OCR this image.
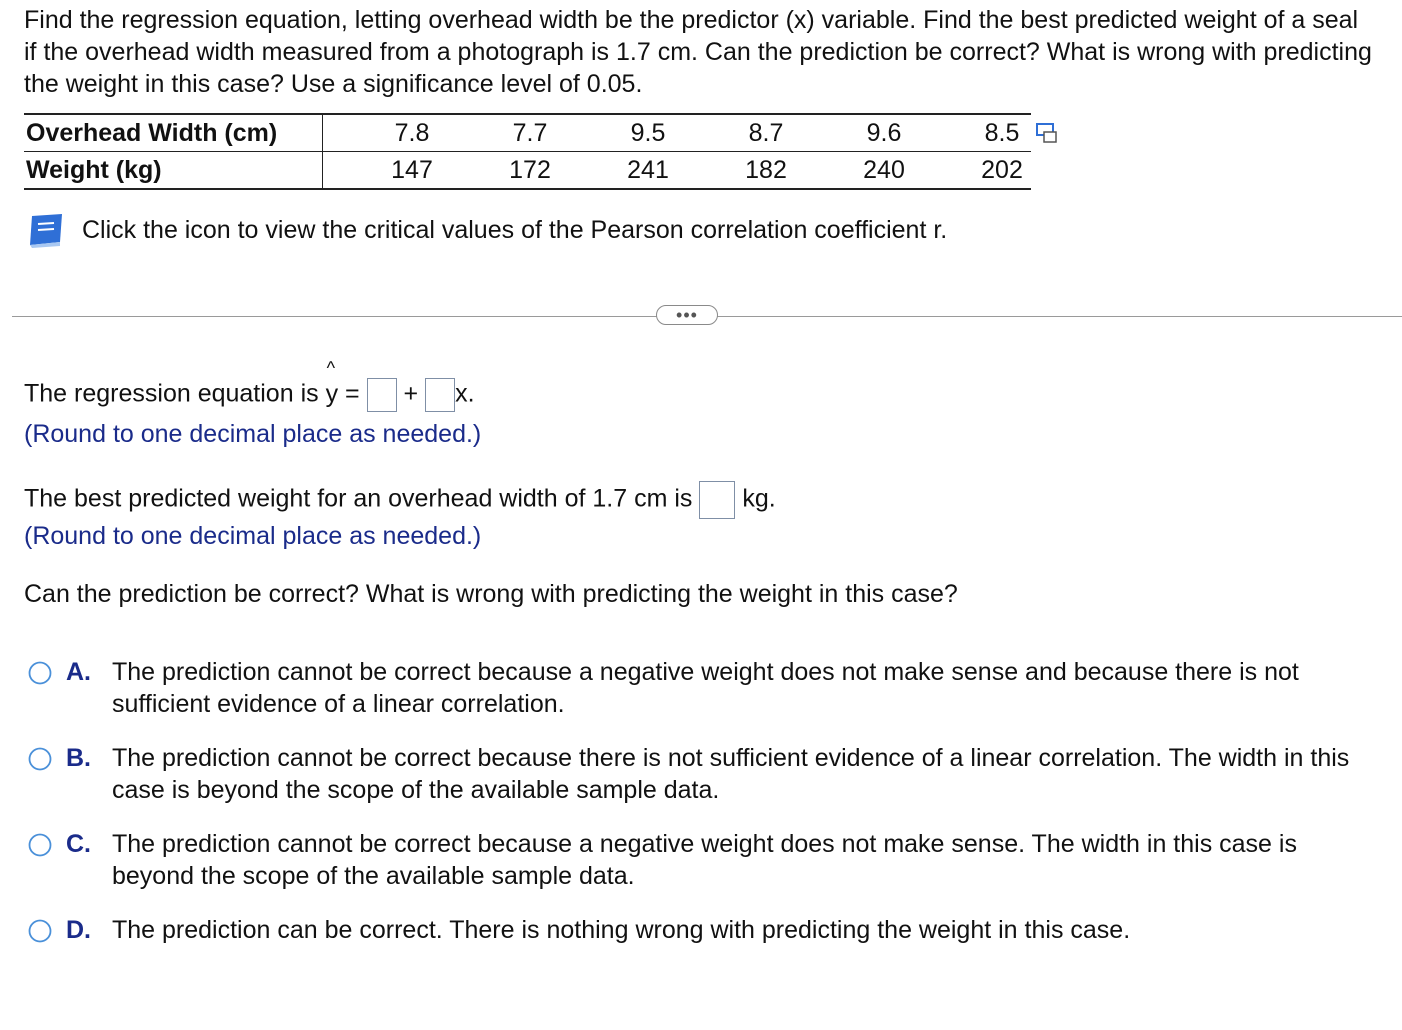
Find the regression equation, letting overhead width be the predictor (x) variable. Find the best predicted weight of a seal if the overhead width measured from a photograph is 1.7 cm. Can the prediction be correct? What is wrong with predicting the weight in this case? Use a significance level of 0.05.
Overhead Width (cm)	7.8	7.7	9.5	8.7	9.6	8.5
Weight (kg)	147	172	241	182	240	202
Click the icon to view the critical values of the Pearson correlation coefficient r.
•••
The regression equation is
^
y = + x.
(Round to one decimal place as needed.)
The best predicted weight for an overhead width of 1.7 cm is kg.
(Round to one decimal place as needed.)
Can the prediction be correct? What is wrong with predicting the weight in this case?
A. The prediction cannot be correct because a negative weight does not make sense and because there is not sufficient evidence of a linear correlation.
B. The prediction cannot be correct because there is not sufficient evidence of a linear correlation. The width in this case is beyond the scope of the available sample data.
C. The prediction cannot be correct because a negative weight does not make sense. The width in this case is beyond the scope of the available sample data.
D. The prediction can be correct. There is nothing wrong with predicting the weight in this case.
